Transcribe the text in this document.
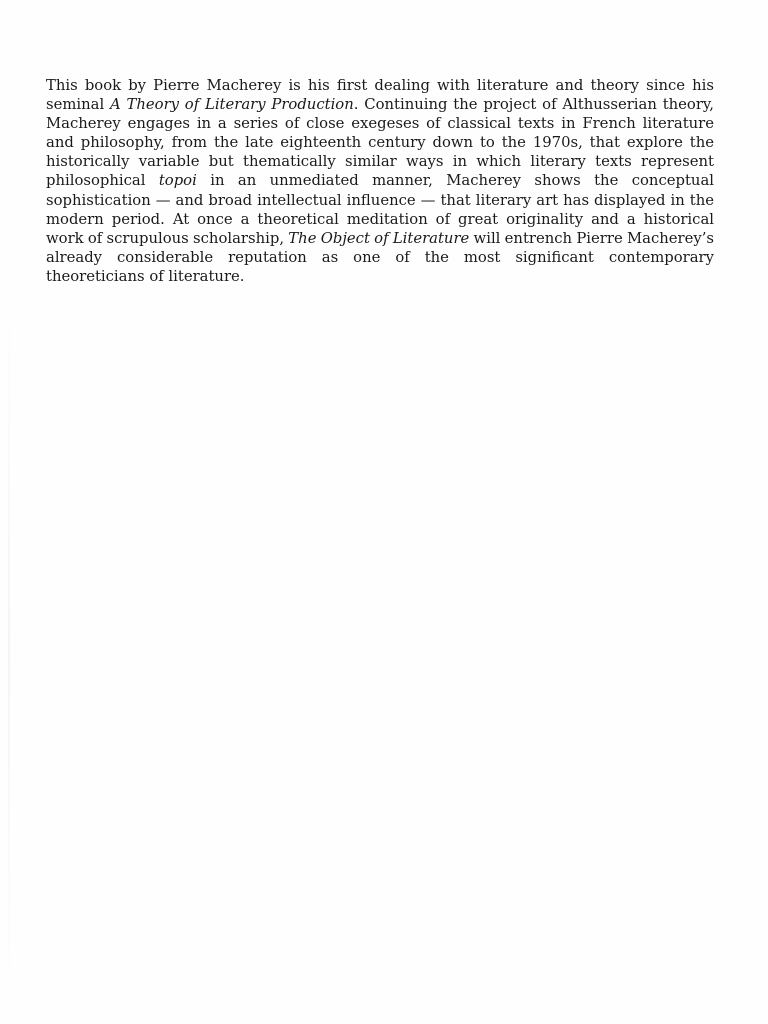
This book by Pierre Macherey is his first dealing with literature and theory since his
seminal A Theory of Literary Production. Continuing the project of Althusserian theory,
Macherey engages in a series of close exegeses of classical texts in French literature
and philosophy, from the late eighteenth century down to the 1970s, that explore the
historically variable but thematically similar ways in which literary texts represent
philosophical topoi in an unmediated manner, Macherey shows the conceptual
sophistication — and broad intellectual influence — that literary art has displayed in the
modern period. At once a theoretical meditation of great originality and a historical
work of scrupulous scholarship, The Object of Literature will entrench Pierre Macherey’s
already considerable reputation as one of the most significant contemporary
theoreticians of literature.
